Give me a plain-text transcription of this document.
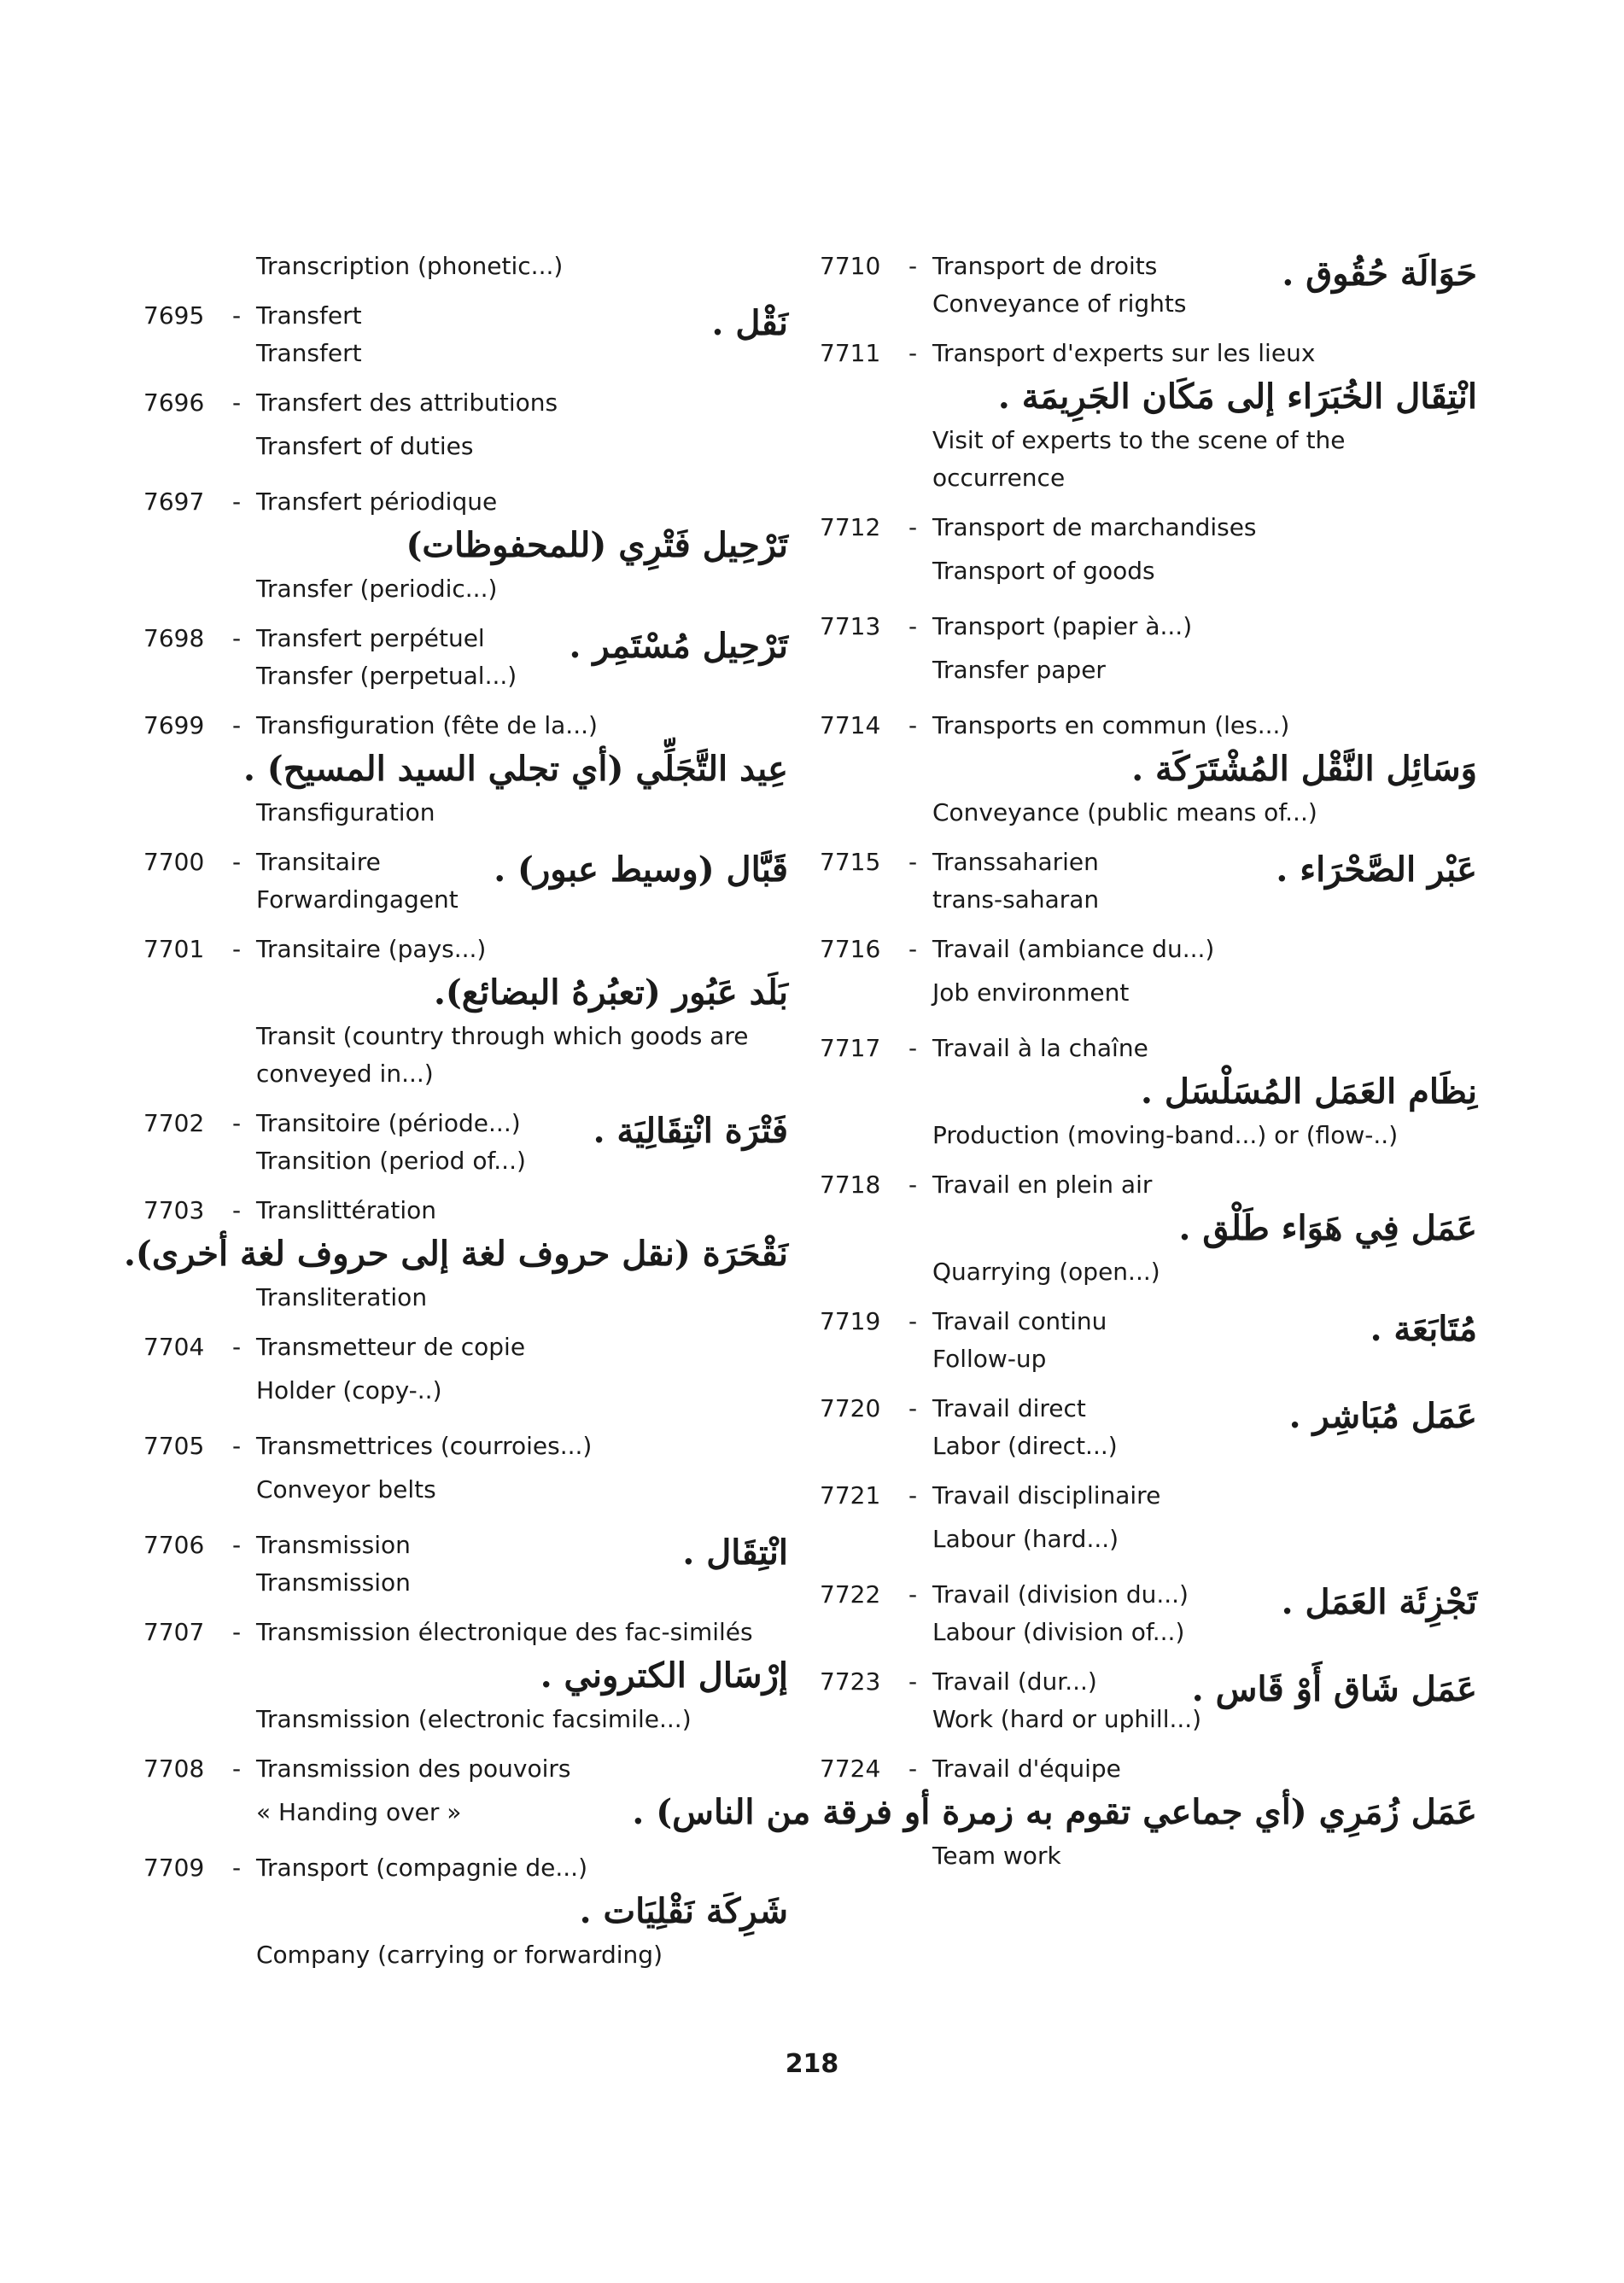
Transcription (phonetic...)
7695	- Transfert	نَقْل .
Transfert
7696	- Transfert des attributions
Transfert of duties
7697	- Transfert périodique
تَرْحِيل فَتْرِي (للمحفوظات)
Transfer (periodic...)
7698	- Transfert perpétuel	تَرْحِيل مُسْتَمِر .
Transfer (perpetual...)
7699	- Transfiguration (fête de la...)
عِيد التَّجَلِّي (أي تجلي السيد المسيح) .
Transfiguration
7700	- Transitaire	قَبَّال (وسيط عبور) .
Forwardingagent
7701	- Transitaire (pays...)
بَلَد عَبُور (تعبُرهُ البضائع).
Transit (country through which goods are conveyed in...)
7702	- Transitoire (période...)	فَتْرَة انْتِقَالِيَة .
Transition (period of...)
7703	- Translittération
نَقْحَرَة (نقل حروف لغة إلى حروف لغة أخرى).
Transliteration
7704	- Transmetteur de copie
Holder (copy-..)
7705	- Transmettrices (courroies...)
Conveyor belts
7706	- Transmission	انْتِقَال .
Transmission
7707	- Transmission électronique des fac-similés
إرْسَال الكتروني .
Transmission (electronic facsimile...)
7708	- Transmission des pouvoirs
« Handing over »
7709	- Transport (compagnie de...)
شَرِكَة نَقْلِيَات .
Company (carrying or forwarding)
7710	- Transport de droits	حَوَالَة حُقُوق .
Conveyance of rights
7711	- Transport d'experts sur les lieux
انْتِقَال الخُبَرَاء إلى مَكَان الجَرِيمَة .
Visit of experts to the scene of the occurrence
7712	- Transport de marchandises
Transport of goods
7713	- Transport (papier à...)
Transfer paper
7714	- Transports en commun (les...)
وَسَائِل النَّقْل المُشْتَرَكَة .
Conveyance (public means of...)
7715	- Transsaharien	عَبْر الصَّحْرَاء .
trans-saharan
7716	- Travail (ambiance du...)
Job environment
7717	- Travail à la chaîne
نِظَام العَمَل المُسَلْسَل .
Production (moving-band...) or (flow-..)
7718	- Travail en plein air
عَمَل فِي هَوَاء طَلْق .
Quarrying (open...)
7719	- Travail continu	مُتَابَعَة .
Follow-up
7720	- Travail direct	عَمَل مُبَاشِر .
Labor (direct...)
7721	- Travail disciplinaire
Labour (hard...)
7722	- Travail (division du...)	تَجْزِئَة العَمَل .
Labour (division of...)
7723	- Travail (dur...)	عَمَل شَاق أَوْ قَاس .
Work (hard or uphill...)
7724	- Travail d'équipe
عَمَل زُمَرِي (أي جماعي تقوم به زمرة أو فرقة من الناس) .
Team work
218
